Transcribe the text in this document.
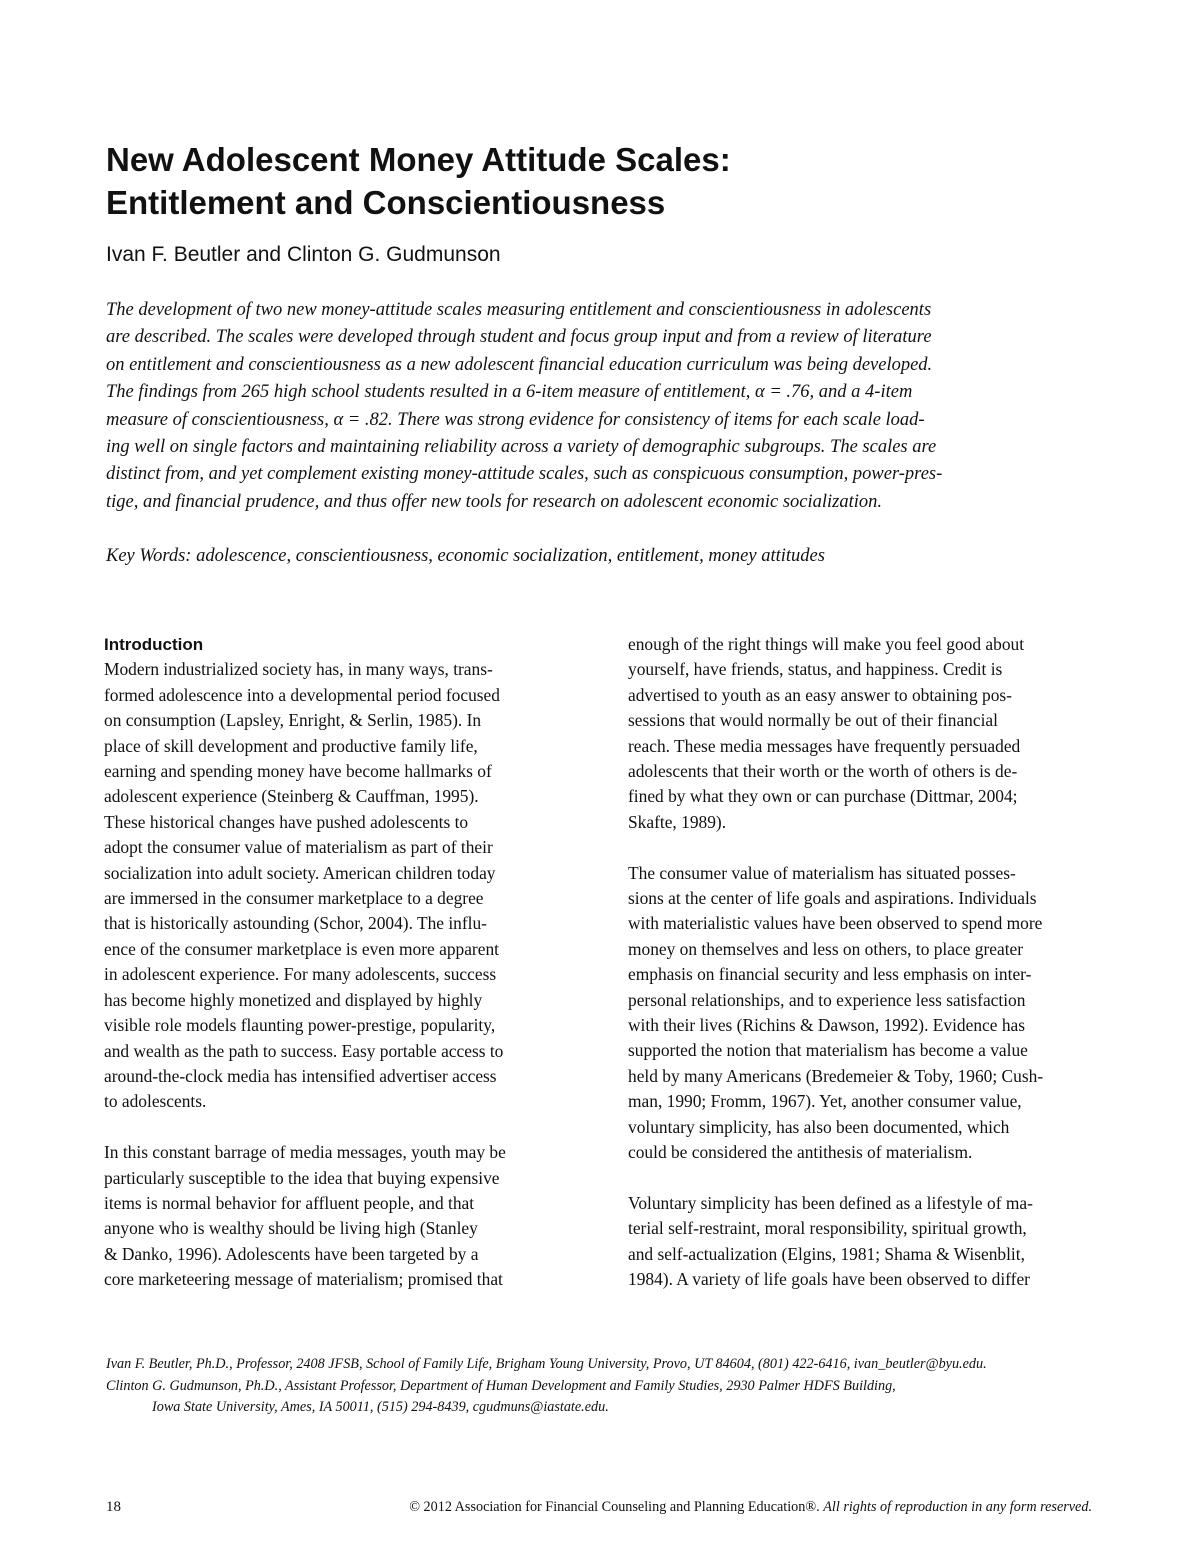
New Adolescent Money Attitude Scales:
Entitlement and Conscientiousness
Ivan F. Beutler and Clinton G. Gudmunson
The development of two new money-attitude scales measuring entitlement and conscientiousness in adolescents
are described. The scales were developed through student and focus group input and from a review of literature
on entitlement and conscientiousness as a new adolescent financial education curriculum was being developed.
The findings from 265 high school students resulted in a 6-item measure of entitlement, α = .76, and a 4-item
measure of conscientiousness, α = .82. There was strong evidence for consistency of items for each scale load-
ing well on single factors and maintaining reliability across a variety of demographic subgroups. The scales are
distinct from, and yet complement existing money-attitude scales, such as conspicuous consumption, power-pres-
tige, and financial prudence, and thus offer new tools for research on adolescent economic socialization.
Key Words: adolescence, conscientiousness, economic socialization, entitlement, money attitudes
Introduction
Modern industrialized society has, in many ways, trans-
formed adolescence into a developmental period focused
on consumption (Lapsley, Enright, & Serlin, 1985). In
place of skill development and productive family life,
earning and spending money have become hallmarks of
adolescent experience (Steinberg & Cauffman, 1995).
These historical changes have pushed adolescents to
adopt the consumer value of materialism as part of their
socialization into adult society. American children today
are immersed in the consumer marketplace to a degree
that is historically astounding (Schor, 2004). The influ-
ence of the consumer marketplace is even more apparent
in adolescent experience. For many adolescents, success
has become highly monetized and displayed by highly
visible role models flaunting power-prestige, popularity,
and wealth as the path to success. Easy portable access to
around-the-clock media has intensified advertiser access
to adolescents.
In this constant barrage of media messages, youth may be
particularly susceptible to the idea that buying expensive
items is normal behavior for affluent people, and that
anyone who is wealthy should be living high (Stanley
& Danko, 1996). Adolescents have been targeted by a
core marketeering message of materialism; promised that
enough of the right things will make you feel good about
yourself, have friends, status, and happiness. Credit is
advertised to youth as an easy answer to obtaining pos-
sessions that would normally be out of their financial
reach. These media messages have frequently persuaded
adolescents that their worth or the worth of others is de-
fined by what they own or can purchase (Dittmar, 2004;
Skafte, 1989).
The consumer value of materialism has situated posses-
sions at the center of life goals and aspirations. Individuals
with materialistic values have been observed to spend more
money on themselves and less on others, to place greater
emphasis on financial security and less emphasis on inter-
personal relationships, and to experience less satisfaction
with their lives (Richins & Dawson, 1992). Evidence has
supported the notion that materialism has become a value
held by many Americans (Bredemeier & Toby, 1960; Cush-
man, 1990; Fromm, 1967). Yet, another consumer value,
voluntary simplicity, has also been documented, which
could be considered the antithesis of materialism.
Voluntary simplicity has been defined as a lifestyle of ma-
terial self-restraint, moral responsibility, spiritual growth,
and self-actualization (Elgins, 1981; Shama & Wisenblit,
1984). A variety of life goals have been observed to differ
Ivan F. Beutler, Ph.D., Professor, 2408 JFSB, School of Family Life, Brigham Young University, Provo, UT 84604, (801) 422-6416, ivan_beutler@byu.edu.
Clinton G. Gudmunson, Ph.D., Assistant Professor, Department of Human Development and Family Studies, 2930 Palmer HDFS Building,
Iowa State University, Ames, IA 50011, (515) 294-8439, cgudmuns@iastate.edu.
18	© 2012 Association for Financial Counseling and Planning Education®. All rights of reproduction in any form reserved.
